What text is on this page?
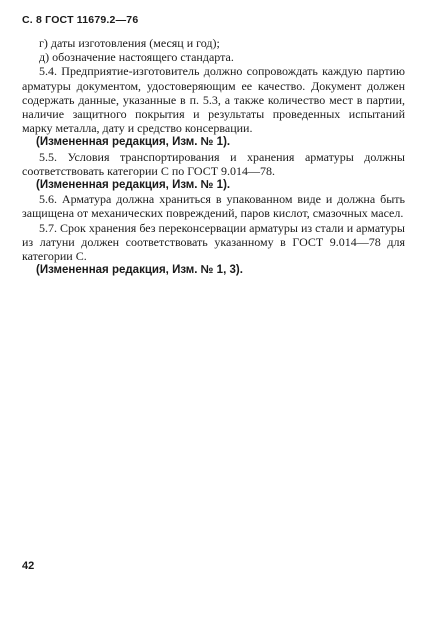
С. 8 ГОСТ 11679.2—76

г) даты изготовления (месяц и год);

д) обозначение настоящего стандарта.

5.4. Предприятие-изготовитель должно сопровождать каждую партию арматуры документом, удостоверяющим ее качество. Документ должен содержать данные, указанные в п. 5.3, а также количество мест в партии, наличие защитного покрытия и результаты проведенных испытаний марку металла, дату и средство консервации.

(Измененная редакция, Изм. № 1).

5.5. Условия транспортирования и хранения арматуры должны соответствовать категории С по ГОСТ 9.014—78.

(Измененная редакция, Изм. № 1).

5.6. Арматура должна храниться в упакованном виде и должна быть защищена от механических повреждений, паров кислот, смазочных масел.

5.7. Срок хранения без переконсервации арматуры из стали и арматуры из латуни должен соответствовать указанному в ГОСТ 9.014—78 для категории С.

(Измененная редакция, Изм. № 1, 3).

42
